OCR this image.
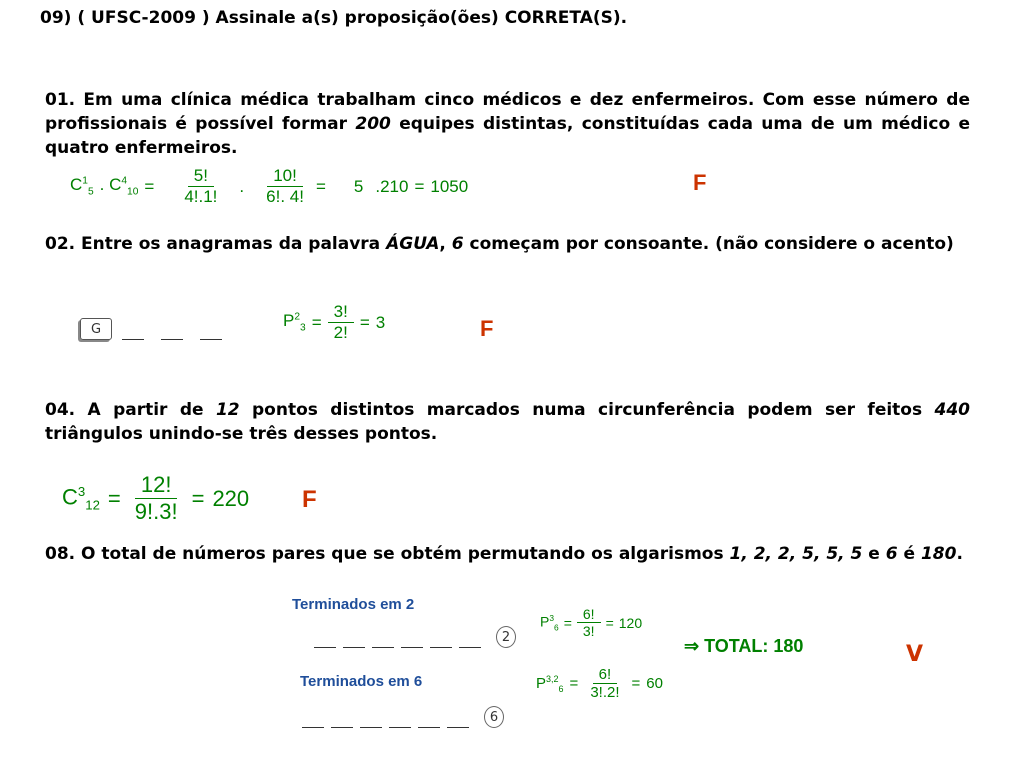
09) ( UFSC-2009 ) Assinale a(s) proposição(ões) CORRETA(S).
01. Em uma clínica médica trabalham cinco médicos e dez enfermeiros. Com esse número de profissionais é possível formar 200 equipes distintas, constituídas cada uma de um médico e quatro enfermeiros.
$C^1_5$ . $C^4_{10} = \frac{5!}{4!.1!}$ . $\frac{10!}{6!. 4!} = 5$ .210 = 1050	F
02. Entre os anagramas da palavra ÁGUA, 6 começam por consoante. (não considere o acento)
G	$P^2_3 = \frac{3!}{2!} = 3$	F
04. A partir de 12 pontos distintos marcados numa circunferência podem ser feitos 440 triângulos unindo-se três desses pontos.
$C^3_{12} = \frac{12!}{9!.3!} = 220$ F
08. O total de números pares que se obtém permutando os algarismos 1, 2, 2, 5, 5, 5 e 6 é 180.
Terminados em 2
2
$P^3_6 = \frac{6!}{3!} = 120$
⇒ TOTAL: 180	V
Terminados em 6
6
$P^{3,2}_6 = \frac{6!}{3!.2!} = 60$
